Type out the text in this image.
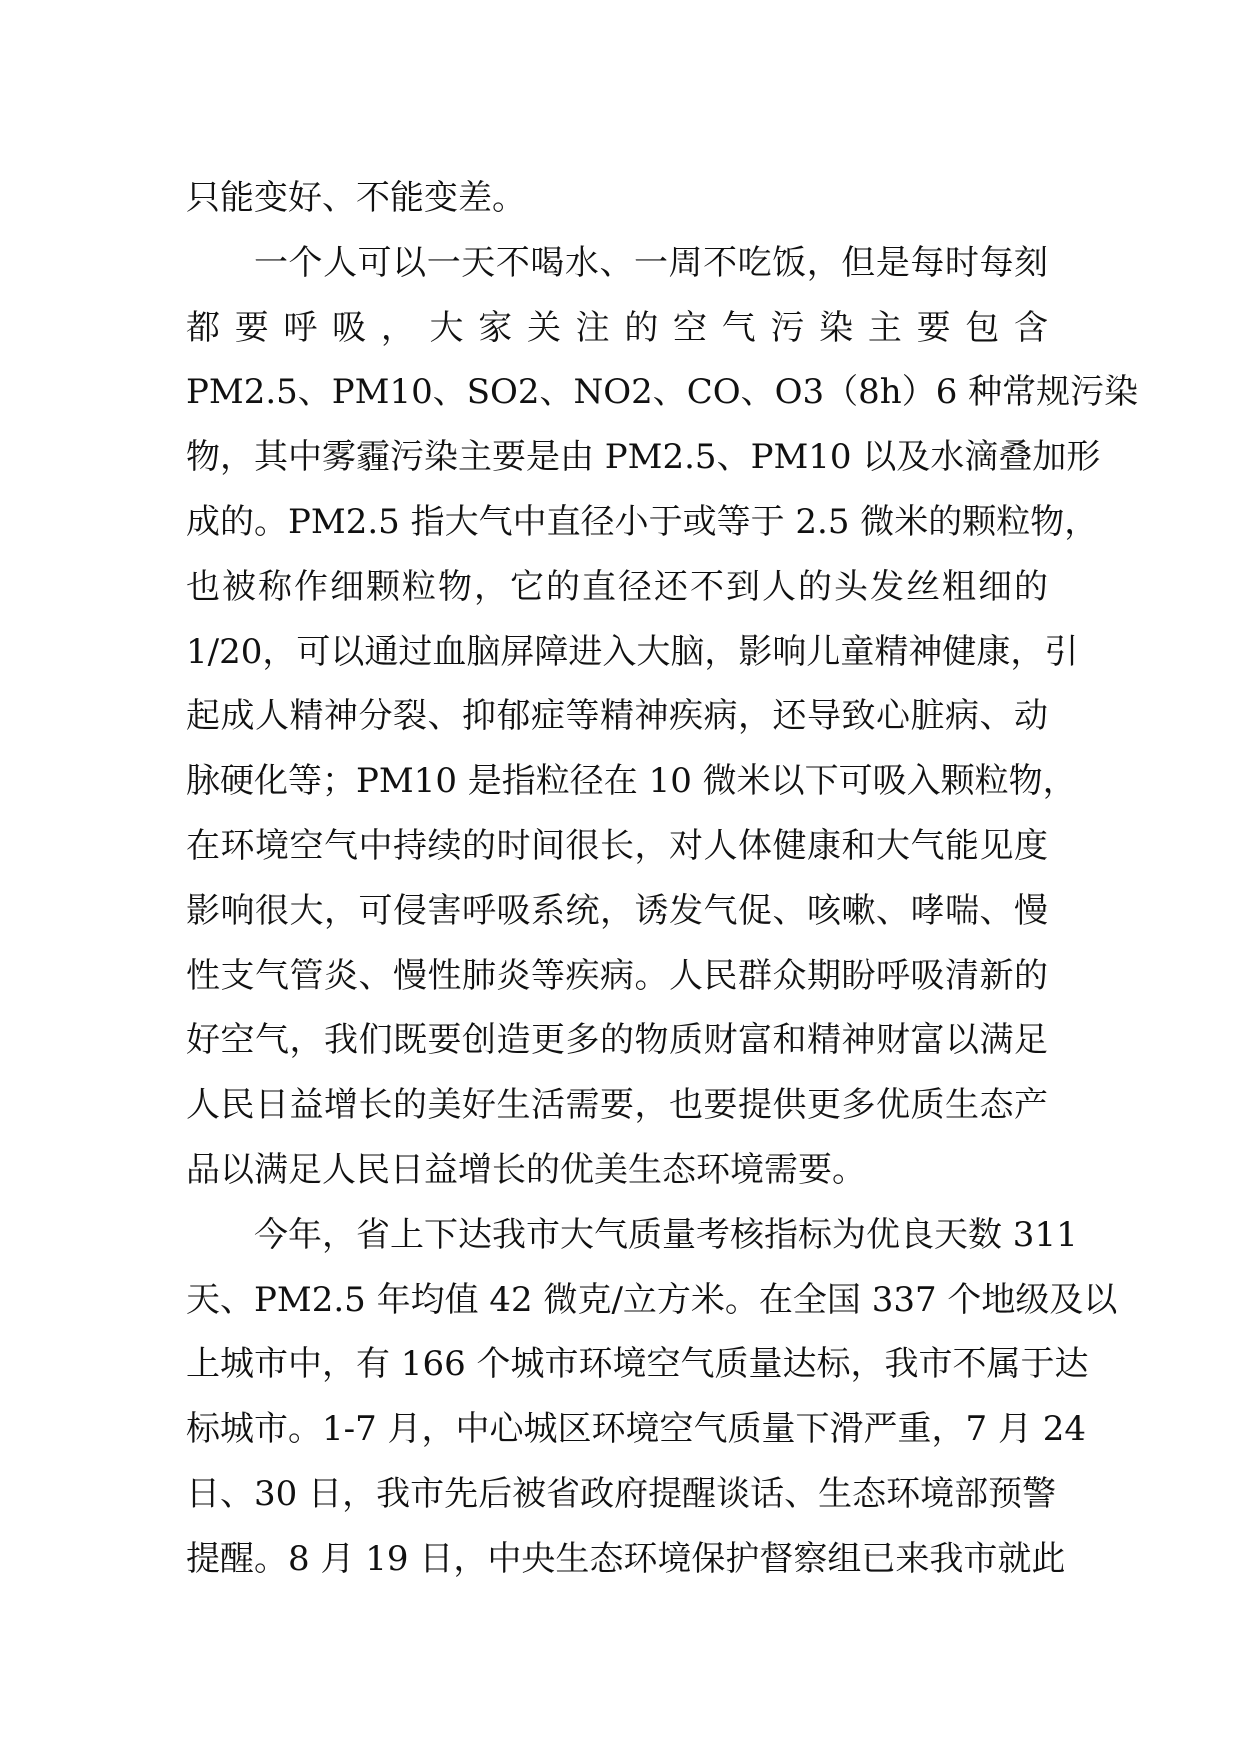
只能变好、不能变差。
一个人可以一天不喝水、一周不吃饭，但是每时每刻
都 要 呼 吸 ， 大 家 关 注 的 空 气 污 染 主 要 包 含
PM2.5、PM10、SO2、NO2、CO、O3（8h）6 种常规污染
物，其中雾霾污染主要是由 PM2.5、PM10 以及水滴叠加形
成的。PM2.5 指大气中直径小于或等于 2.5 微米的颗粒物，
也被称作细颗粒物，它的直径还不到人的头发丝粗细的
1/20，可以通过血脑屏障进入大脑，影响儿童精神健康，引
起成人精神分裂、抑郁症等精神疾病，还导致心脏病、动
脉硬化等；PM10 是指粒径在 10 微米以下可吸入颗粒物，
在环境空气中持续的时间很长，对人体健康和大气能见度
影响很大，可侵害呼吸系统，诱发气促、咳嗽、哮喘、慢
性支气管炎、慢性肺炎等疾病。人民群众期盼呼吸清新的
好空气，我们既要创造更多的物质财富和精神财富以满足
人民日益增长的美好生活需要，也要提供更多优质生态产
品以满足人民日益增长的优美生态环境需要。
今年，省上下达我市大气质量考核指标为优良天数 311
天、PM2.5 年均值 42 微克/立方米。在全国 337 个地级及以
上城市中，有 166 个城市环境空气质量达标，我市不属于达
标城市。1-7 月，中心城区环境空气质量下滑严重，7 月 24
日、30 日，我市先后被省政府提醒谈话、生态环境部预警
提醒。8 月 19 日，中央生态环境保护督察组已来我市就此
